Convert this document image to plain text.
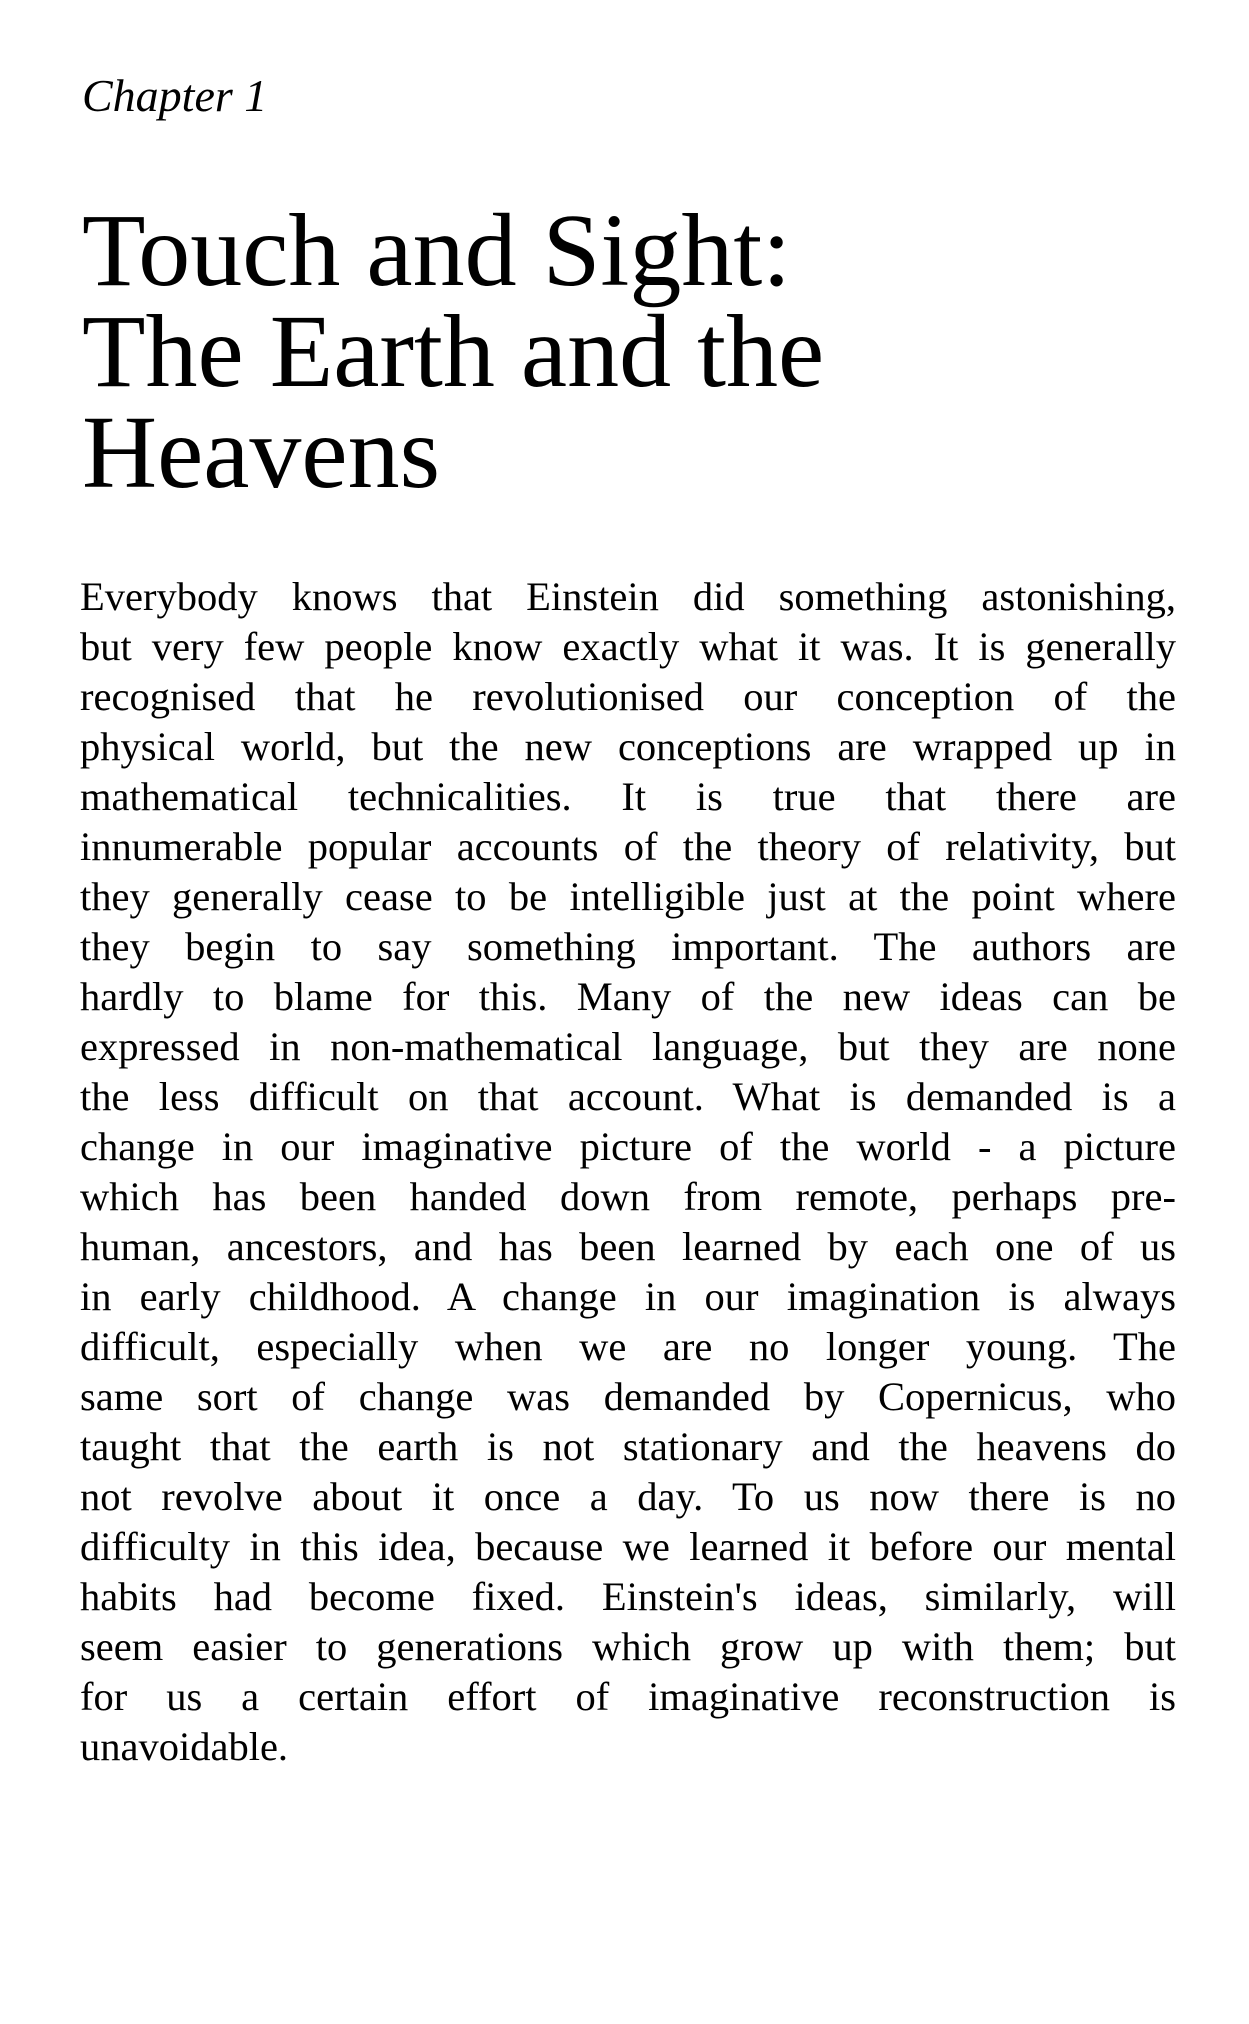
Chapter 1

Touch and Sight:
The Earth and the
Heavens
Everybody knows that Einstein did something astonishing,
but very few people know exactly what it was. It is generally
recognised that he revolutionised our conception of the
physical world, but the new conceptions are wrapped up in
mathematical technicalities. It is true that there are
innumerable popular accounts of the theory of relativity, but
they generally cease to be intelligible just at the point where
they begin to say something important. The authors are
hardly to blame for this. Many of the new ideas can be
expressed in non-mathematical language, but they are none
the less difficult on that account. What is demanded is a
change in our imaginative picture of the world - a picture
which has been handed down from remote, perhaps pre-
human, ancestors, and has been learned by each one of us
in early childhood. A change in our imagination is always
difficult, especially when we are no longer young. The
same sort of change was demanded by Copernicus, who
taught that the earth is not stationary and the heavens do
not revolve about it once a day. To us now there is no
difficulty in this idea, because we learned it before our mental
habits had become fixed. Einstein's ideas, similarly, will
seem easier to generations which grow up with them; but
for us a certain effort of imaginative reconstruction is
unavoidable.
